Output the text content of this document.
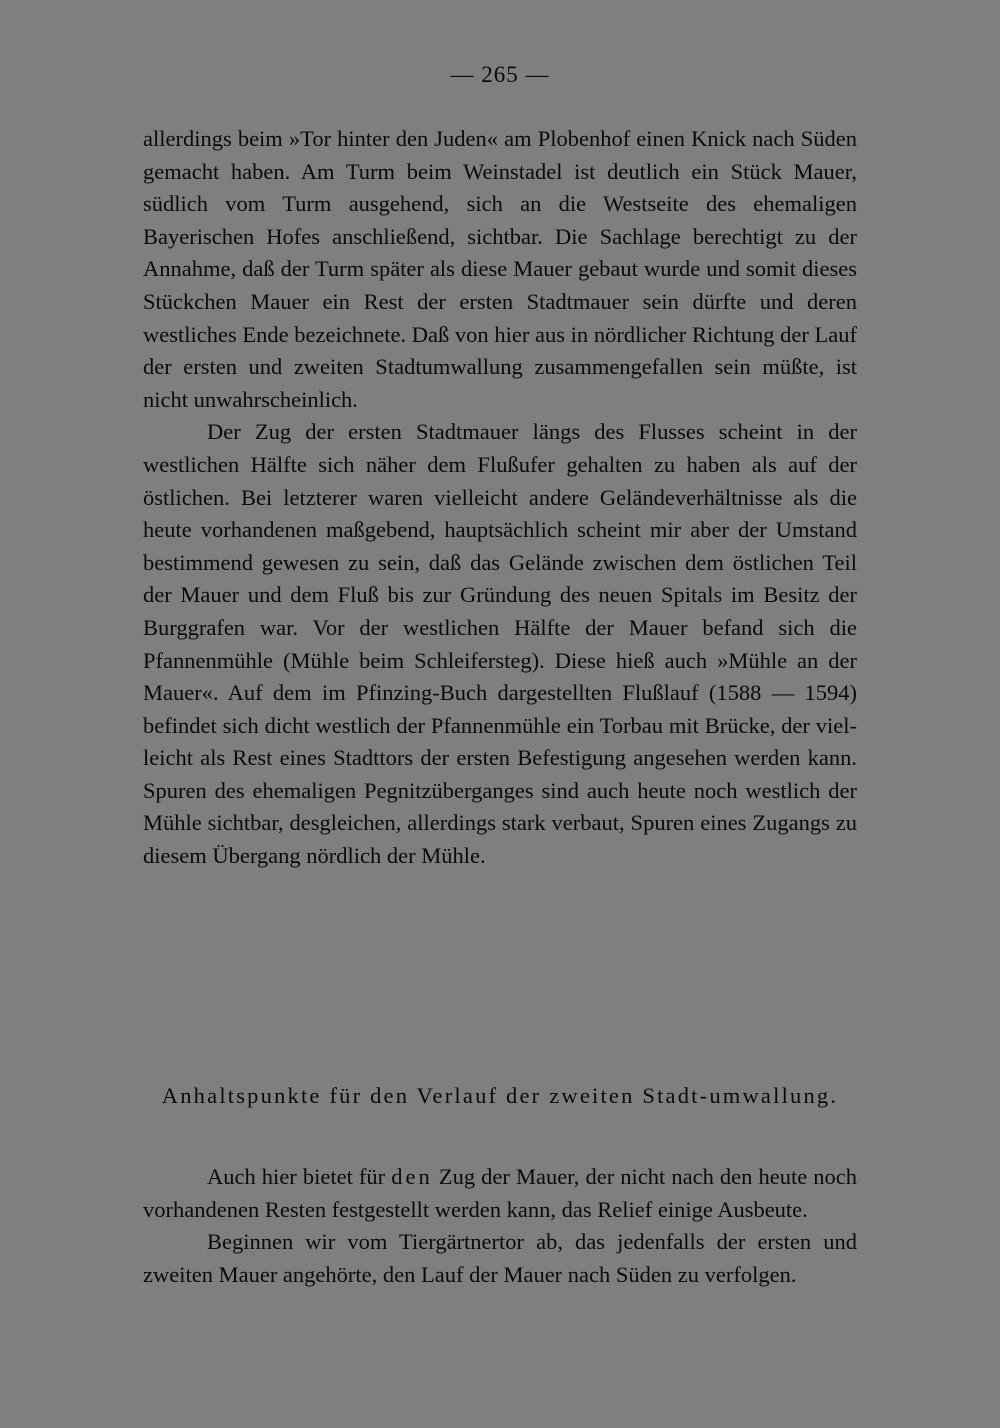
— 265 —

allerdings beim »Tor hinter den Juden« am Plobenhof einen Knick nach Süden gemacht haben. Am Turm beim Weinstadel ist deutlich ein Stück Mauer, südlich vom Turm ausgehend, sich an die Westseite des ehemaligen Bayerischen Hofes anschließend, sichtbar. Die Sachlage berechtigt zu der Annahme, daß der Turm später als diese Mauer gebaut wurde und somit dieses Stückchen Mauer ein Rest der ersten Stadtmauer sein dürfte und deren westliches Ende bezeichnete. Daß von hier aus in nördlicher Richtung der Lauf der ersten und zweiten Stadtumwallung zusammengefallen sein müßte, ist nicht unwahrscheinlich.

Der Zug der ersten Stadtmauer längs des Flusses scheint in der westlichen Hälfte sich näher dem Flußufer gehalten zu haben als auf der östlichen. Bei letzterer waren vielleicht andere Geländeverhältnisse als die heute vorhandenen maßgebend, hauptsächlich scheint mir aber der Umstand bestimmend gewesen zu sein, daß das Gelände zwischen dem östlichen Teil der Mauer und dem Fluß bis zur Gründung des neuen Spitals im Besitz der Burggrafen war. Vor der westlichen Hälfte der Mauer befand sich die Pfannenmühle (Mühle beim Schleifersteg). Diese hieß auch »Mühle an der Mauer«. Auf dem im Pfinzing-Buch dargestellten Flußlauf (1588 — 1594) befindet sich dicht westlich der Pfannenmühle ein Torbau mit Brücke, der vielleicht als Rest eines Stadttors der ersten Befestigung angesehen werden kann. Spuren des ehemaligen Pegnitzüberganges sind auch heute noch westlich der Mühle sichtbar, desgleichen, allerdings stark verbaut, Spuren eines Zugangs zu diesem Übergang nördlich der Mühle.

Anhaltspunkte für den Verlauf der zweiten Stadt-umwallung.

Auch hier bietet für den Zug der Mauer, der nicht nach den heute noch vorhandenen Resten festgestellt werden kann, das Relief einige Ausbeute.

Beginnen wir vom Tiergärtnertor ab, das jedenfalls der ersten und zweiten Mauer angehörte, den Lauf der Mauer nach Süden zu verfolgen.
